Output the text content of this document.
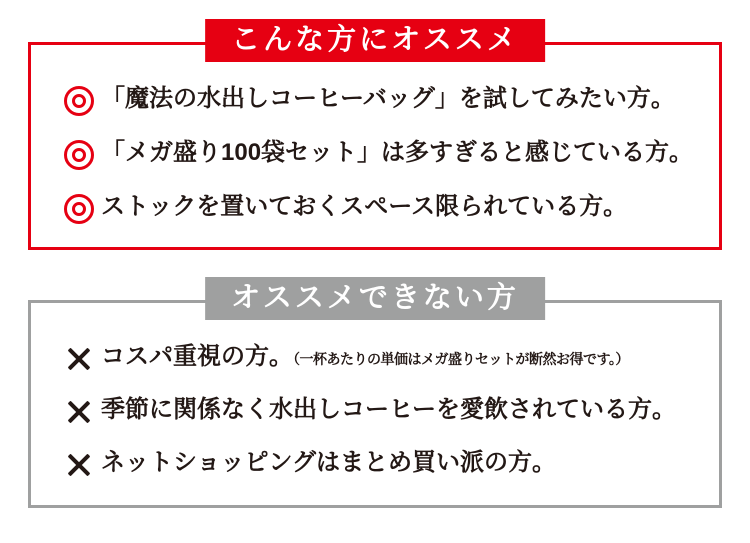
こんな方にオススメ
「魔法の水出しコーヒーバッグ」を試してみたい方。
「メガ盛り100袋セット」は多すぎると感じている方。
ストックを置いておくスペース限られている方。
オススメできない方
コスパ重視の方。（一杯あたりの単価はメガ盛りセットが断然お得です。）
季節に関係なく水出しコーヒーを愛飲されている方。
ネットショッピングはまとめ買い派の方。
